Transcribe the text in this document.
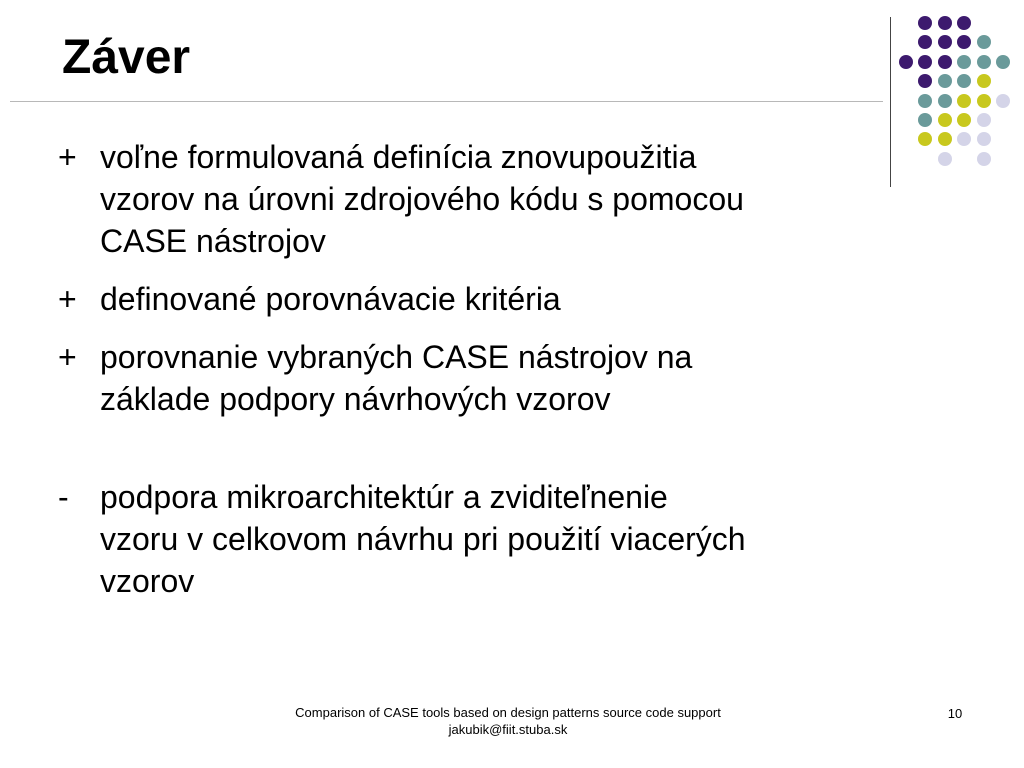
Záver
+ voľne formulovaná definícia znovupoužitia
vzorov na úrovni zdrojového kódu s pomocou
CASE nástrojov
+ definované porovnávacie kritéria
+ porovnanie vybraných CASE nástrojov na
základe podpory návrhových vzorov
- podpora mikroarchitektúr a zviditeľnenie
vzoru v celkovom návrhu pri použití viacerých
vzorov
Comparison of CASE tools based on design patterns source code support
jakubik@fiit.stuba.sk
10
